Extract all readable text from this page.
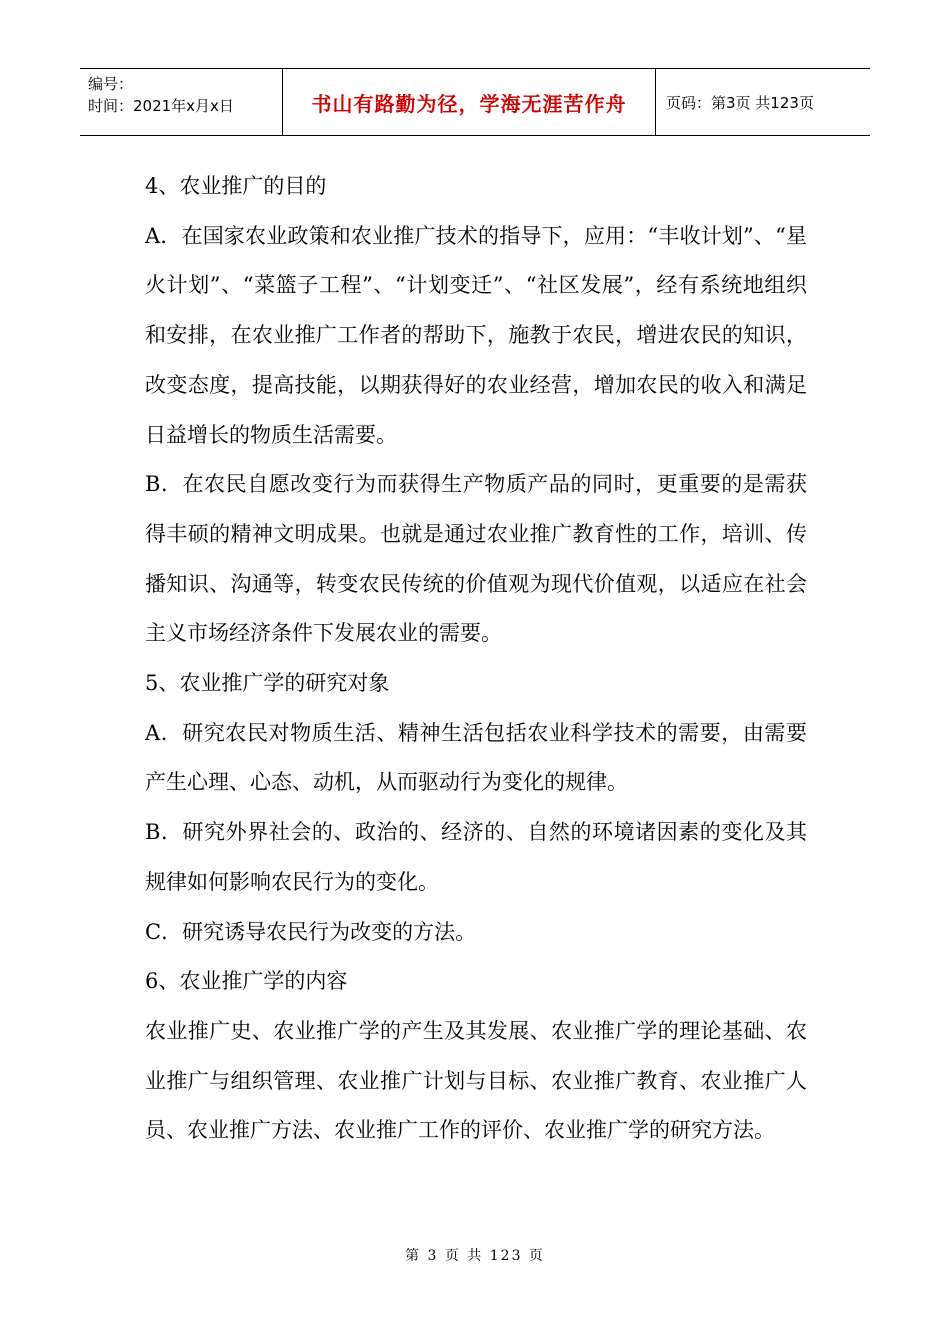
编号：
时间：2021年x月x日	书山有路勤为径，学海无涯苦作舟	页码：第3页 共123页

4、农业推广的目的

A．在国家农业政策和农业推广技术的指导下，应用：“丰收计划”、“星火计划”、“菜篮子工程”、“计划变迁”、“社区发展”，经有系统地组织和安排，在农业推广工作者的帮助下，施教于农民，增进农民的知识，改变态度，提高技能，以期获得好的农业经营，增加农民的收入和满足日益增长的物质生活需要。

B．在农民自愿改变行为而获得生产物质产品的同时，更重要的是需获得丰硕的精神文明成果。也就是通过农业推广教育性的工作，培训、传播知识、沟通等，转变农民传统的价值观为现代价值观，以适应在社会主义市场经济条件下发展农业的需要。

5、农业推广学的研究对象

A．研究农民对物质生活、精神生活包括农业科学技术的需要，由需要产生心理、心态、动机，从而驱动行为变化的规律。

B．研究外界社会的、政治的、经济的、自然的环境诸因素的变化及其规律如何影响农民行为的变化。

C．研究诱导农民行为改变的方法。

6、农业推广学的内容

农业推广史、农业推广学的产生及其发展、农业推广学的理论基础、农业推广与组织管理、农业推广计划与目标、农业推广教育、农业推广人员、农业推广方法、农业推广工作的评价、农业推广学的研究方法。

第 3 页 共 123 页
